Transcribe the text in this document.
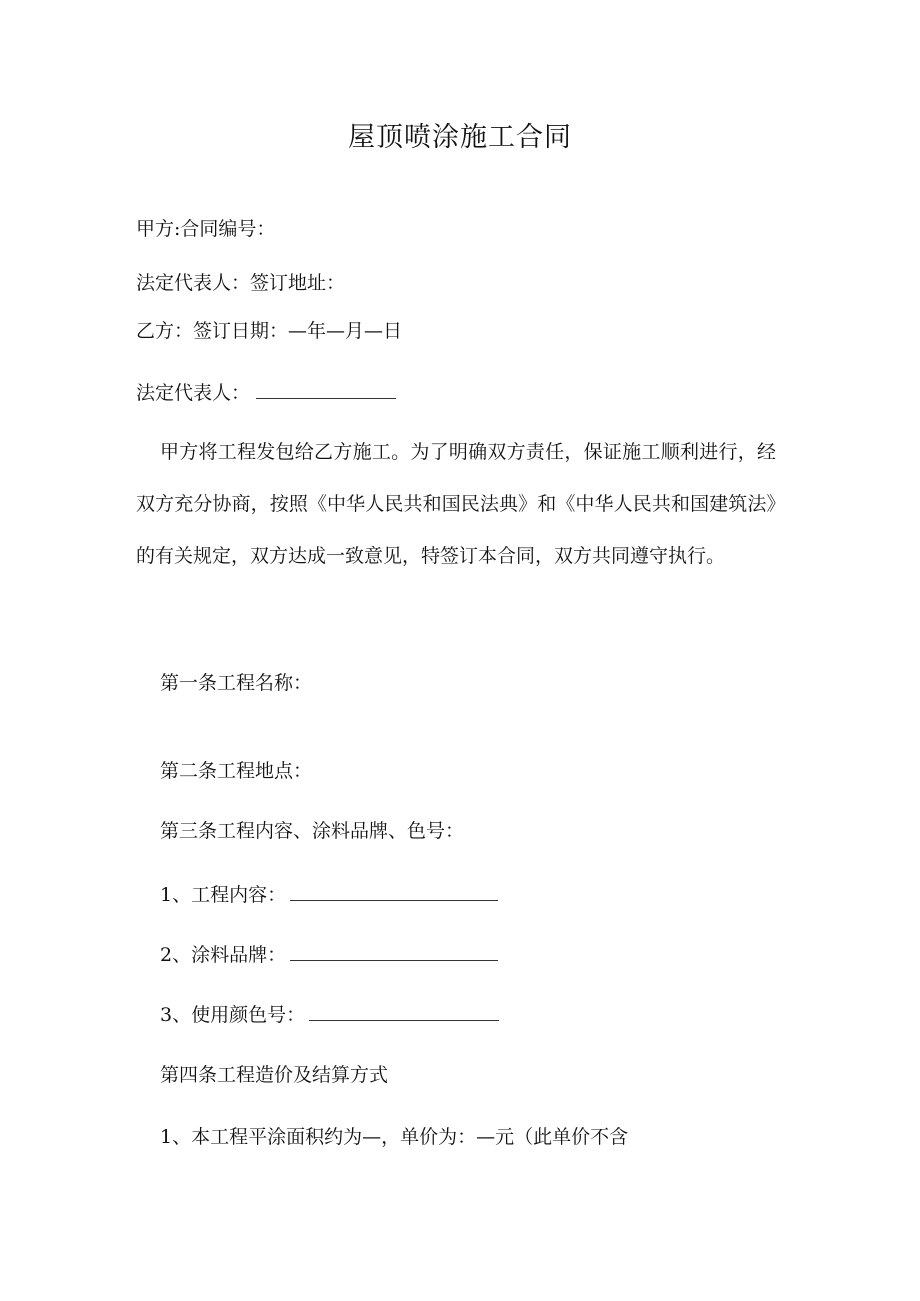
屋顶喷涂施工合同
甲方:合同编号：
法定代表人：签订地址：
乙方：签订日期：—年—月—日
法定代表人：
甲方将工程发包给乙方施工。为了明确双方责任，保证施工顺利进行，经双方充分协商，按照《中华人民共和国民法典》和《中华人民共和国建筑法》的有关规定，双方达成一致意见，特签订本合同，双方共同遵守执行。
第一条工程名称：
第二条工程地点：
第三条工程内容、涂料品牌、色号：
1、工程内容：
2、涂料品牌：
3、使用颜色号：
第四条工程造价及结算方式
1、本工程平涂面积约为—，单价为：—元（此单价不含
